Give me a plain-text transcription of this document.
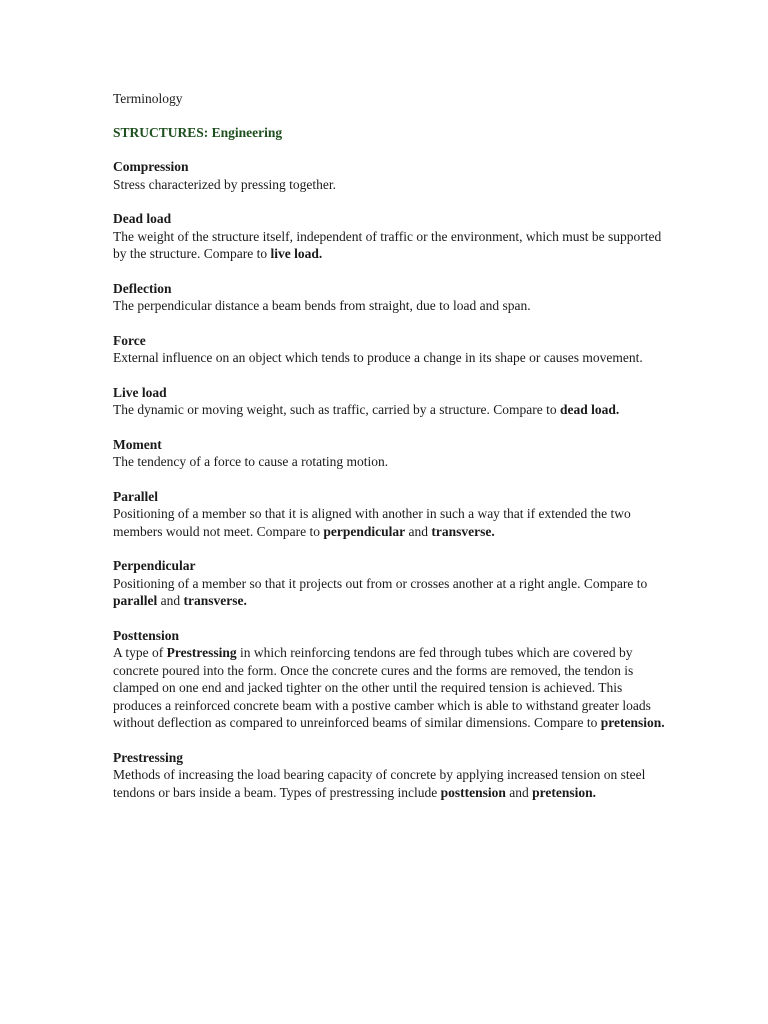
Terminology
STRUCTURES: Engineering
Compression
Stress characterized by pressing together.
Dead load
The weight of the structure itself, independent of traffic or the environment, which must be supported by the structure. Compare to live load.
Deflection
The perpendicular distance a beam bends from straight, due to load and span.
Force
External influence on an object which tends to produce a change in its shape or causes movement.
Live load
The dynamic or moving weight, such as traffic, carried by a structure. Compare to dead load.
Moment
The tendency of a force to cause a rotating motion.
Parallel
Positioning of a member so that it is aligned with another in such a way that if extended the two members would not meet. Compare to perpendicular and transverse.
Perpendicular
Positioning of a member so that it projects out from or crosses another at a right angle. Compare to parallel and transverse.
Posttension
A type of Prestressing in which reinforcing tendons are fed through tubes which are covered by concrete poured into the form. Once the concrete cures and the forms are removed, the tendon is clamped on one end and jacked tighter on the other until the required tension is achieved. This produces a reinforced concrete beam with a postive camber which is able to withstand greater loads without deflection as compared to unreinforced beams of similar dimensions. Compare to pretension.
Prestressing
Methods of increasing the load bearing capacity of concrete by applying increased tension on steel tendons or bars inside a beam. Types of prestressing include posttension and pretension.
